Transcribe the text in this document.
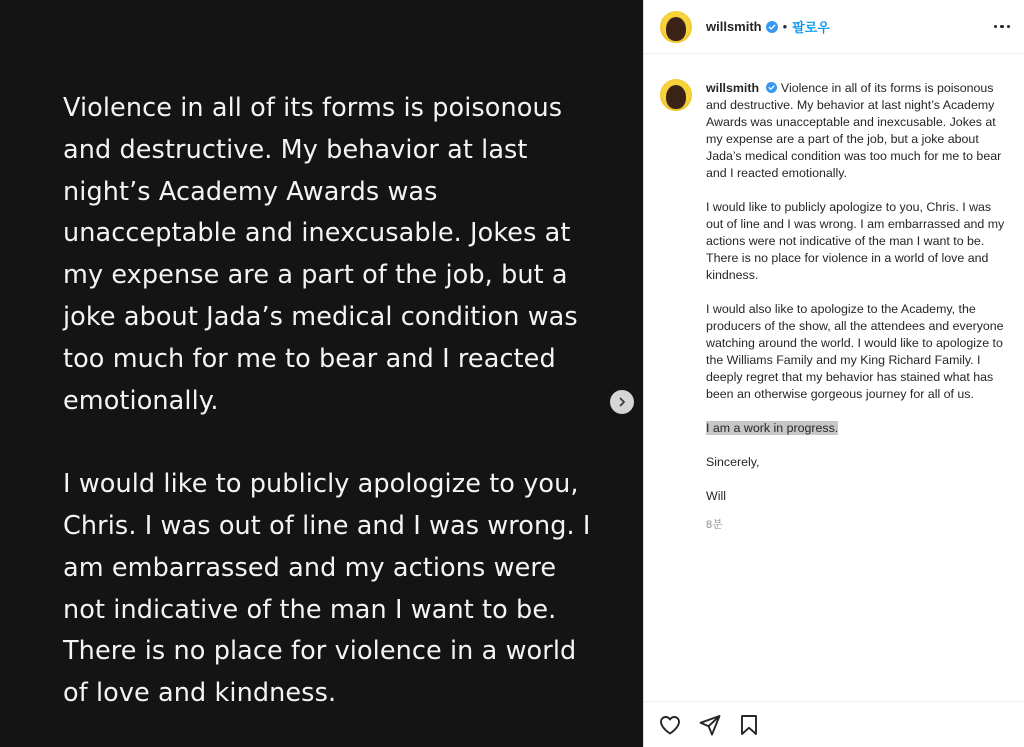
Violence in all of its forms is poisonous and destructive. My behavior at last night’s Academy Awards was unacceptable and inexcusable. Jokes at my expense are a part of the job, but a joke about Jada’s medical condition was too much for me to bear and I reacted emotionally.

I would like to publicly apologize to you, Chris. I was out of line and I was wrong. I am embarrassed and my actions were not indicative of the man I want to be. There is no place for violence in a world of love and kindness.

willsmith • 팔로우

willsmith Violence in all of its forms is poisonous and destructive. My behavior at last night’s Academy Awards was unacceptable and inexcusable. Jokes at my expense are a part of the job, but a joke about Jada’s medical condition was too much for me to bear and I reacted emotionally.

I would like to publicly apologize to you, Chris. I was out of line and I was wrong. I am embarrassed and my actions were not indicative of the man I want to be. There is no place for violence in a world of love and kindness.

I would also like to apologize to the Academy, the producers of the show, all the attendees and everyone watching around the world. I would like to apologize to the Williams Family and my King Richard Family. I deeply regret that my behavior has stained what has been an otherwise gorgeous journey for all of us.

I am a work in progress.

Sincerely,

Will

8분
